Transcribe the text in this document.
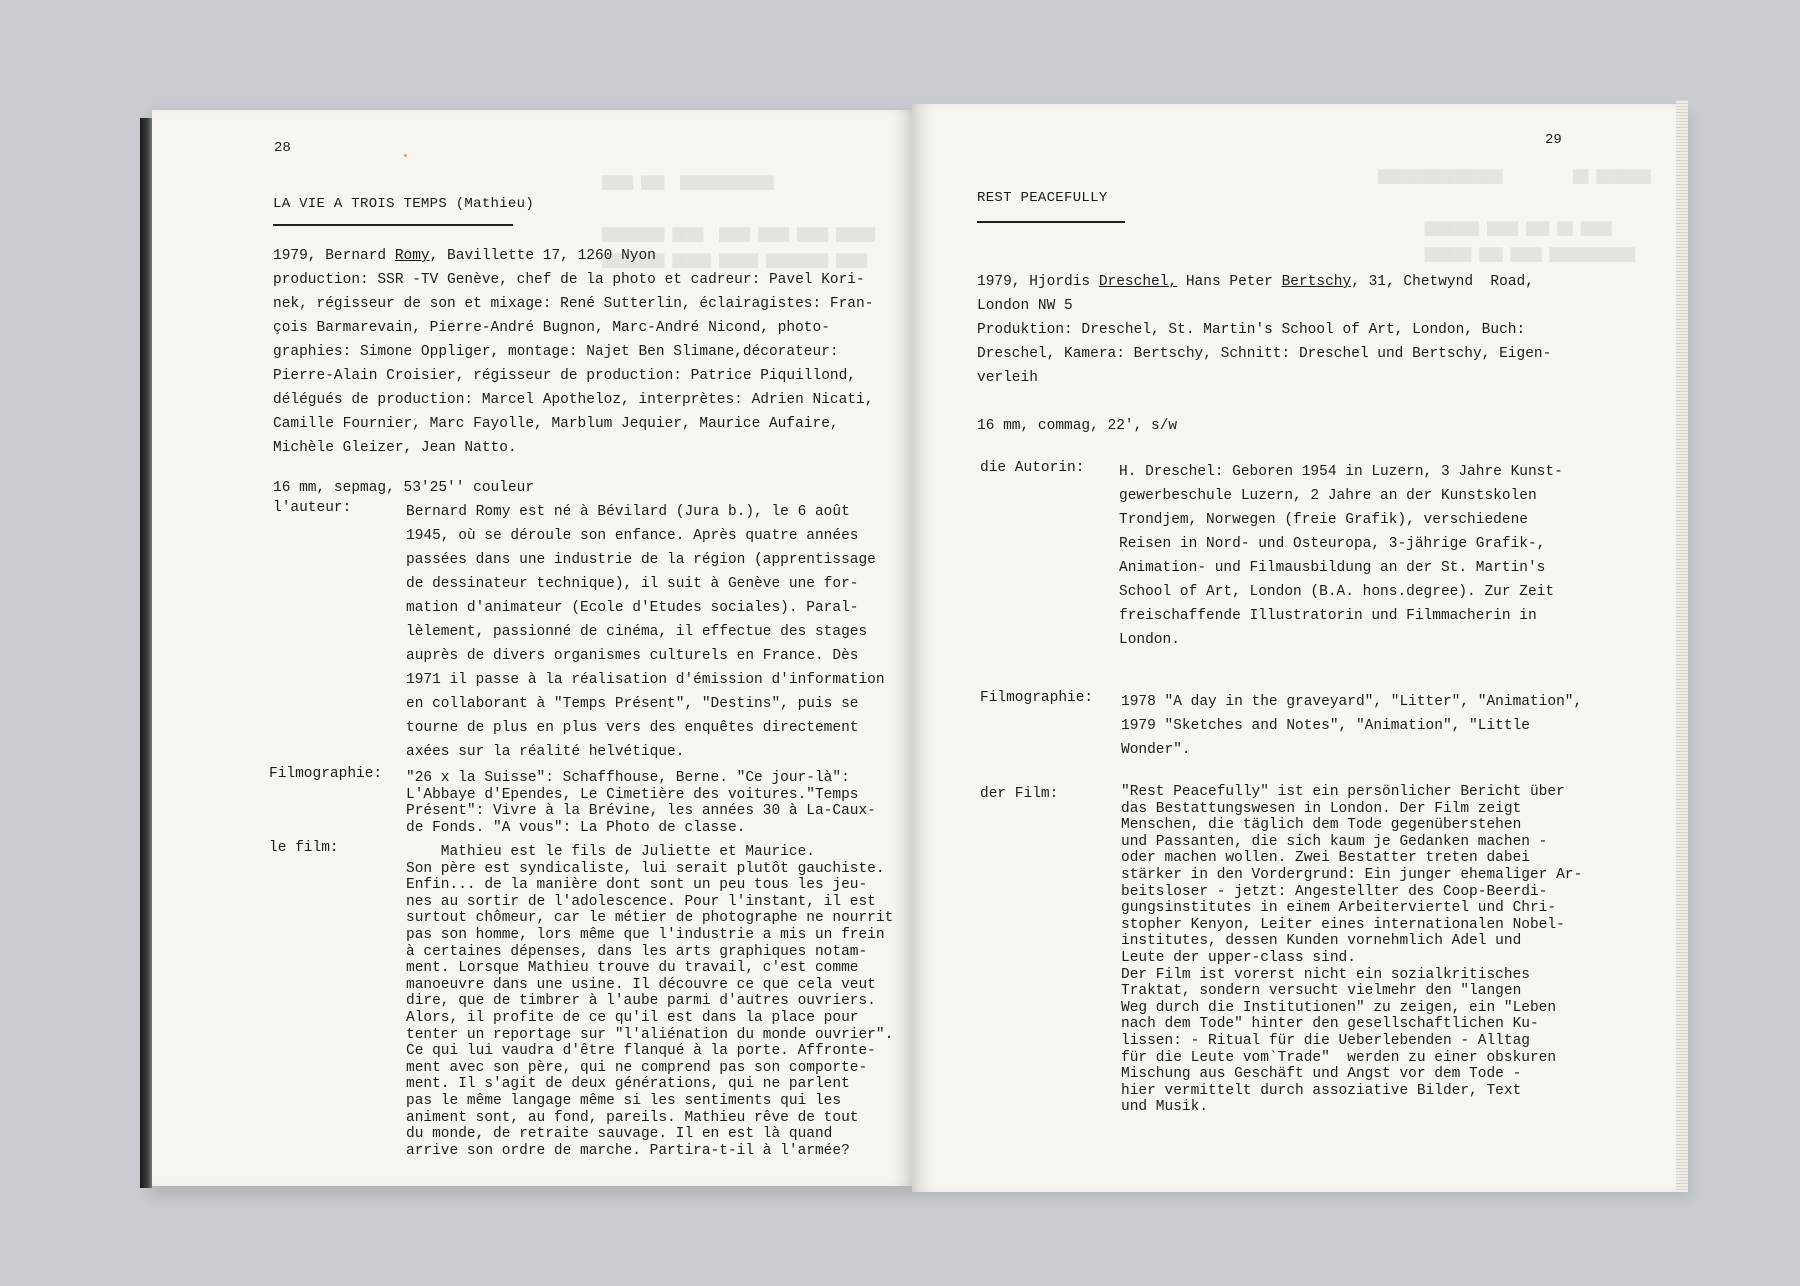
████ ███  ████████████

████████ ████  ████ ████ ████ █████
████████ █████ █████ ████████ ████
28
LA VIE A TROIS TEMPS (Mathieu)
1979, Bernard Romy, Bavillette 17, 1260 Nyon
production: SSR -TV Genève, chef de la photo et cadreur: Pavel Kori-
nek, régisseur de son et mixage: René Sutterlin, éclairagistes: Fran-
çois Barmarevain, Pierre-André Bugnon, Marc-André Nicond, photo-
graphies: Simone Oppliger, montage: Najet Ben Slimane,décorateur:
Pierre-Alain Croisier, régisseur de production: Patrice Piquillond,
délégués de production: Marcel Apotheloz, interprètes: Adrien Nicati,
Camille Fournier, Marc Fayolle, Marblum Jequier, Maurice Aufaire,
Michèle Gleizer, Jean Natto.
16 mm, sepmag, 53'25'' couleur
l'auteur:	Bernard Romy est né à Bévilard (Jura b.), le 6 août
1945, où se déroule son enfance. Après quatre années
passées dans une industrie de la région (apprentissage
de dessinateur technique), il suit à Genève une for-
mation d'animateur (Ecole d'Etudes sociales). Paral-
lèlement, passionné de cinéma, il effectue des stages
auprès de divers organismes culturels en France. Dès
1971 il passe à la réalisation d'émission d'information
en collaborant à "Temps Présent", "Destins", puis se
tourne de plus en plus vers des enquêtes directement
axées sur la réalité helvétique.
Filmographie: "26 x la Suisse": Schaffhouse, Berne. "Ce jour-là":
L'Abbaye d'Ependes, Le Cimetière des voitures."Temps
Présent": Vivre à la Brévine, les années 30 à La-Caux-
de Fonds. "A vous": La Photo de classe.
le film:	Mathieu est le fils de Juliette et Maurice.
Son père est syndicaliste, lui serait plutôt gauchiste.
Enfin... de la manière dont sont un peu tous les jeu-
nes au sortir de l'adolescence. Pour l'instant, il est
surtout chômeur, car le métier de photographe ne nourrit
pas son homme, lors même que l'industrie a mis un frein
à certaines dépenses, dans les arts graphiques notam-
ment. Lorsque Mathieu trouve du travail, c'est comme
manoeuvre dans une usine. Il découvre ce que cela veut
dire, que de timbrer à l'aube parmi d'autres ouvriers.
Alors, il profite de ce qu'il est dans la place pour
tenter un reportage sur "l'aliénation du monde ouvrier".
Ce qui lui vaudra d'être flanqué à la porte. Affronte-
ment avec son père, qui ne comprend pas son comporte-
ment. Il s'agit de deux générations, qui ne parlent
pas le même langage même si les sentiments qui les
animent sont, au fond, pareils. Mathieu rêve de tout
du monde, de retraite sauvage. Il en est là quand
arrive son ordre de marche. Partira-t-il à l'armée?
████████████████         ██ ███████

███████ ████ ███ ██ ████
██████ ███ ████ ███████████
29
REST PEACEFULLY
1979, Hjordis Dreschel, Hans Peter Bertschy, 31, Chetwynd  Road,
London NW 5
Produktion: Dreschel, St. Martin's School of Art, London, Buch:
Dreschel, Kamera: Bertschy, Schnitt: Dreschel und Bertschy, Eigen-
verleih
16 mm, commag, 22', s/w
die Autorin: H. Dreschel: Geboren 1954 in Luzern, 3 Jahre Kunst-
gewerbeschule Luzern, 2 Jahre an der Kunstskolen
Trondjem, Norwegen (freie Grafik), verschiedene
Reisen in Nord- und Osteuropa, 3-jährige Grafik-,
Animation- und Filmausbildung an der St. Martin's
School of Art, London (B.A. hons.degree). Zur Zeit
freischaffende Illustratorin und Filmmacherin in
London.
Filmographie: 1978 "A day in the graveyard", "Litter", "Animation",
1979 "Sketches and Notes", "Animation", "Little
Wonder".
der Film:	"Rest Peacefully" ist ein persönlicher Bericht über
das Bestattungswesen in London. Der Film zeigt
Menschen, die täglich dem Tode gegenüberstehen
und Passanten, die sich kaum je Gedanken machen -
oder machen wollen. Zwei Bestatter treten dabei
stärker in den Vordergrund: Ein junger ehemaliger Ar-
beitsloser - jetzt: Angestellter des Coop-Beerdi-
gungsinstitutes in einem Arbeiterviertel und Chri-
stopher Kenyon, Leiter eines internationalen Nobel-
institutes, dessen Kunden vornehmlich Adel und
Leute der upper-class sind.
Der Film ist vorerst nicht ein sozialkritisches
Traktat, sondern versucht vielmehr den "langen
Weg durch die Institutionen" zu zeigen, ein "Leben
nach dem Tode" hinter den gesellschaftlichen Ku-
lissen: - Ritual für die Ueberlebenden - Alltag
für die Leute vom`Trade"  werden zu einer obskuren
Mischung aus Geschäft und Angst vor dem Tode -
hier vermittelt durch assoziative Bilder, Text
und Musik.
